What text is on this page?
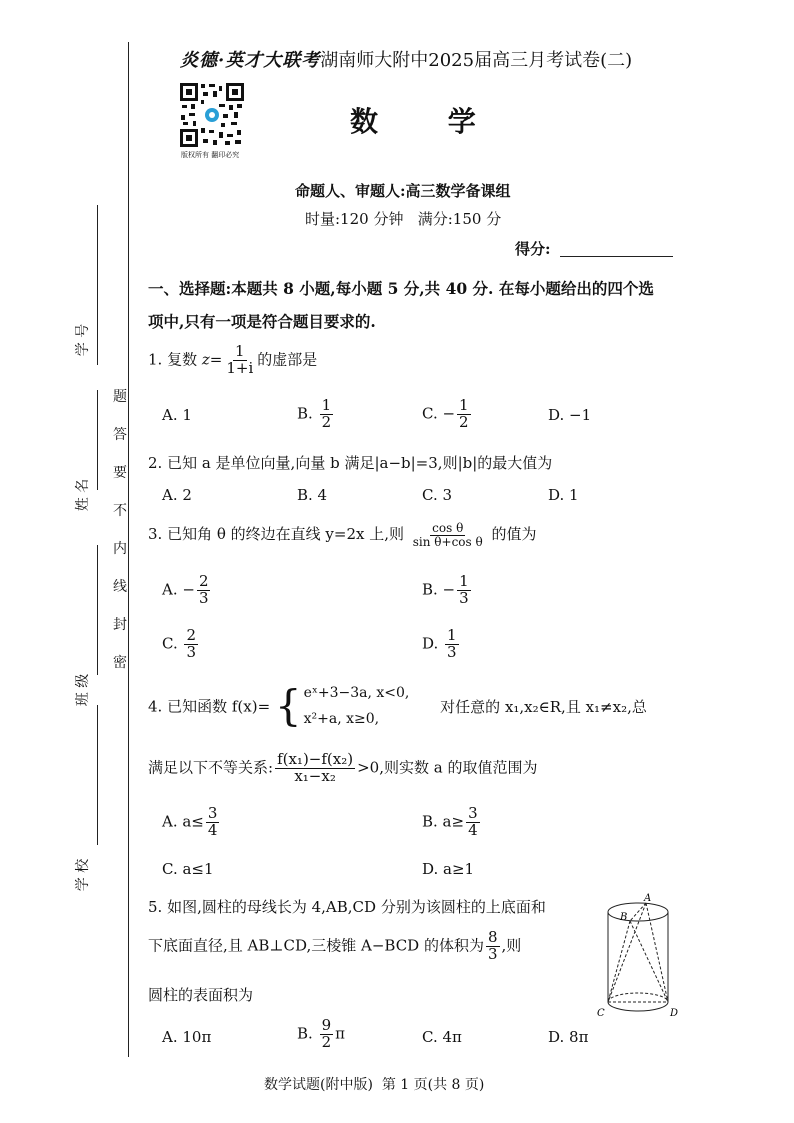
题
答
要
不
内
线
封
密
学 号
姓 名
班 级
学 校
炎德·英才大联考湖南师大附中2025届高三月考试卷(二)
版权所有 翻印必究
数 学
命题人、审题人:高三数学备课组
时量:120 分钟   满分:150 分
得分:
一、选择题:本题共 8 小题,每小题 5 分,共 40 分. 在每小题给出的四个选
项中,只有一项是符合题目要求的.
1. 复数 $z= \frac{1}{1+i}$ 的虚部是
A. 1	B. $\frac{1}{2}$	C. − $\frac{1}{2}$	D. −1
2. 已知 a 是单位向量,向量 b 满足|a−b|=3,则|b|的最大值为
A. 2	B. 4	C. 3	D. 1
3. 已知角 θ 的终边在直线 y=2x 上,则 $\frac{\text{cos θ}}{\text{sin θ+cos θ}}$ 的值为
A. − $\frac{2}{3}$	B. − $\frac{1}{3}$
C. $\frac{2}{3}$	D. $\frac{1}{3}$
4. 已知函数 f(x)= { eˣ+3−3a, x<0,
x²+a, x≥0,
对任意的 x₁,x₂∈R,且 x₁≠x₂,总
满足以下不等关系: $\frac{\text{f(x₁)−f(x₂)}}{\text{x₁−x₂}} >0$,则实数 a 的取值范围为
A. $a\le \frac{3}{4}$	B. $a\ge \frac{3}{4}$
C. a≤1	D. a≥1
5. 如图,圆柱的母线长为 4,AB,CD 分别为该圆柱的上底面和
下底面直径,且 AB⊥CD,三棱锥 A−BCD 的体积为 $\frac{8}{3}$ ,则
圆柱的表面积为
A. 10π	B. $\frac{9}{2}$ π	C. 4π	D. 8π
A
B
C	D
数学试题(附中版)  第 1 页(共 8 页)
